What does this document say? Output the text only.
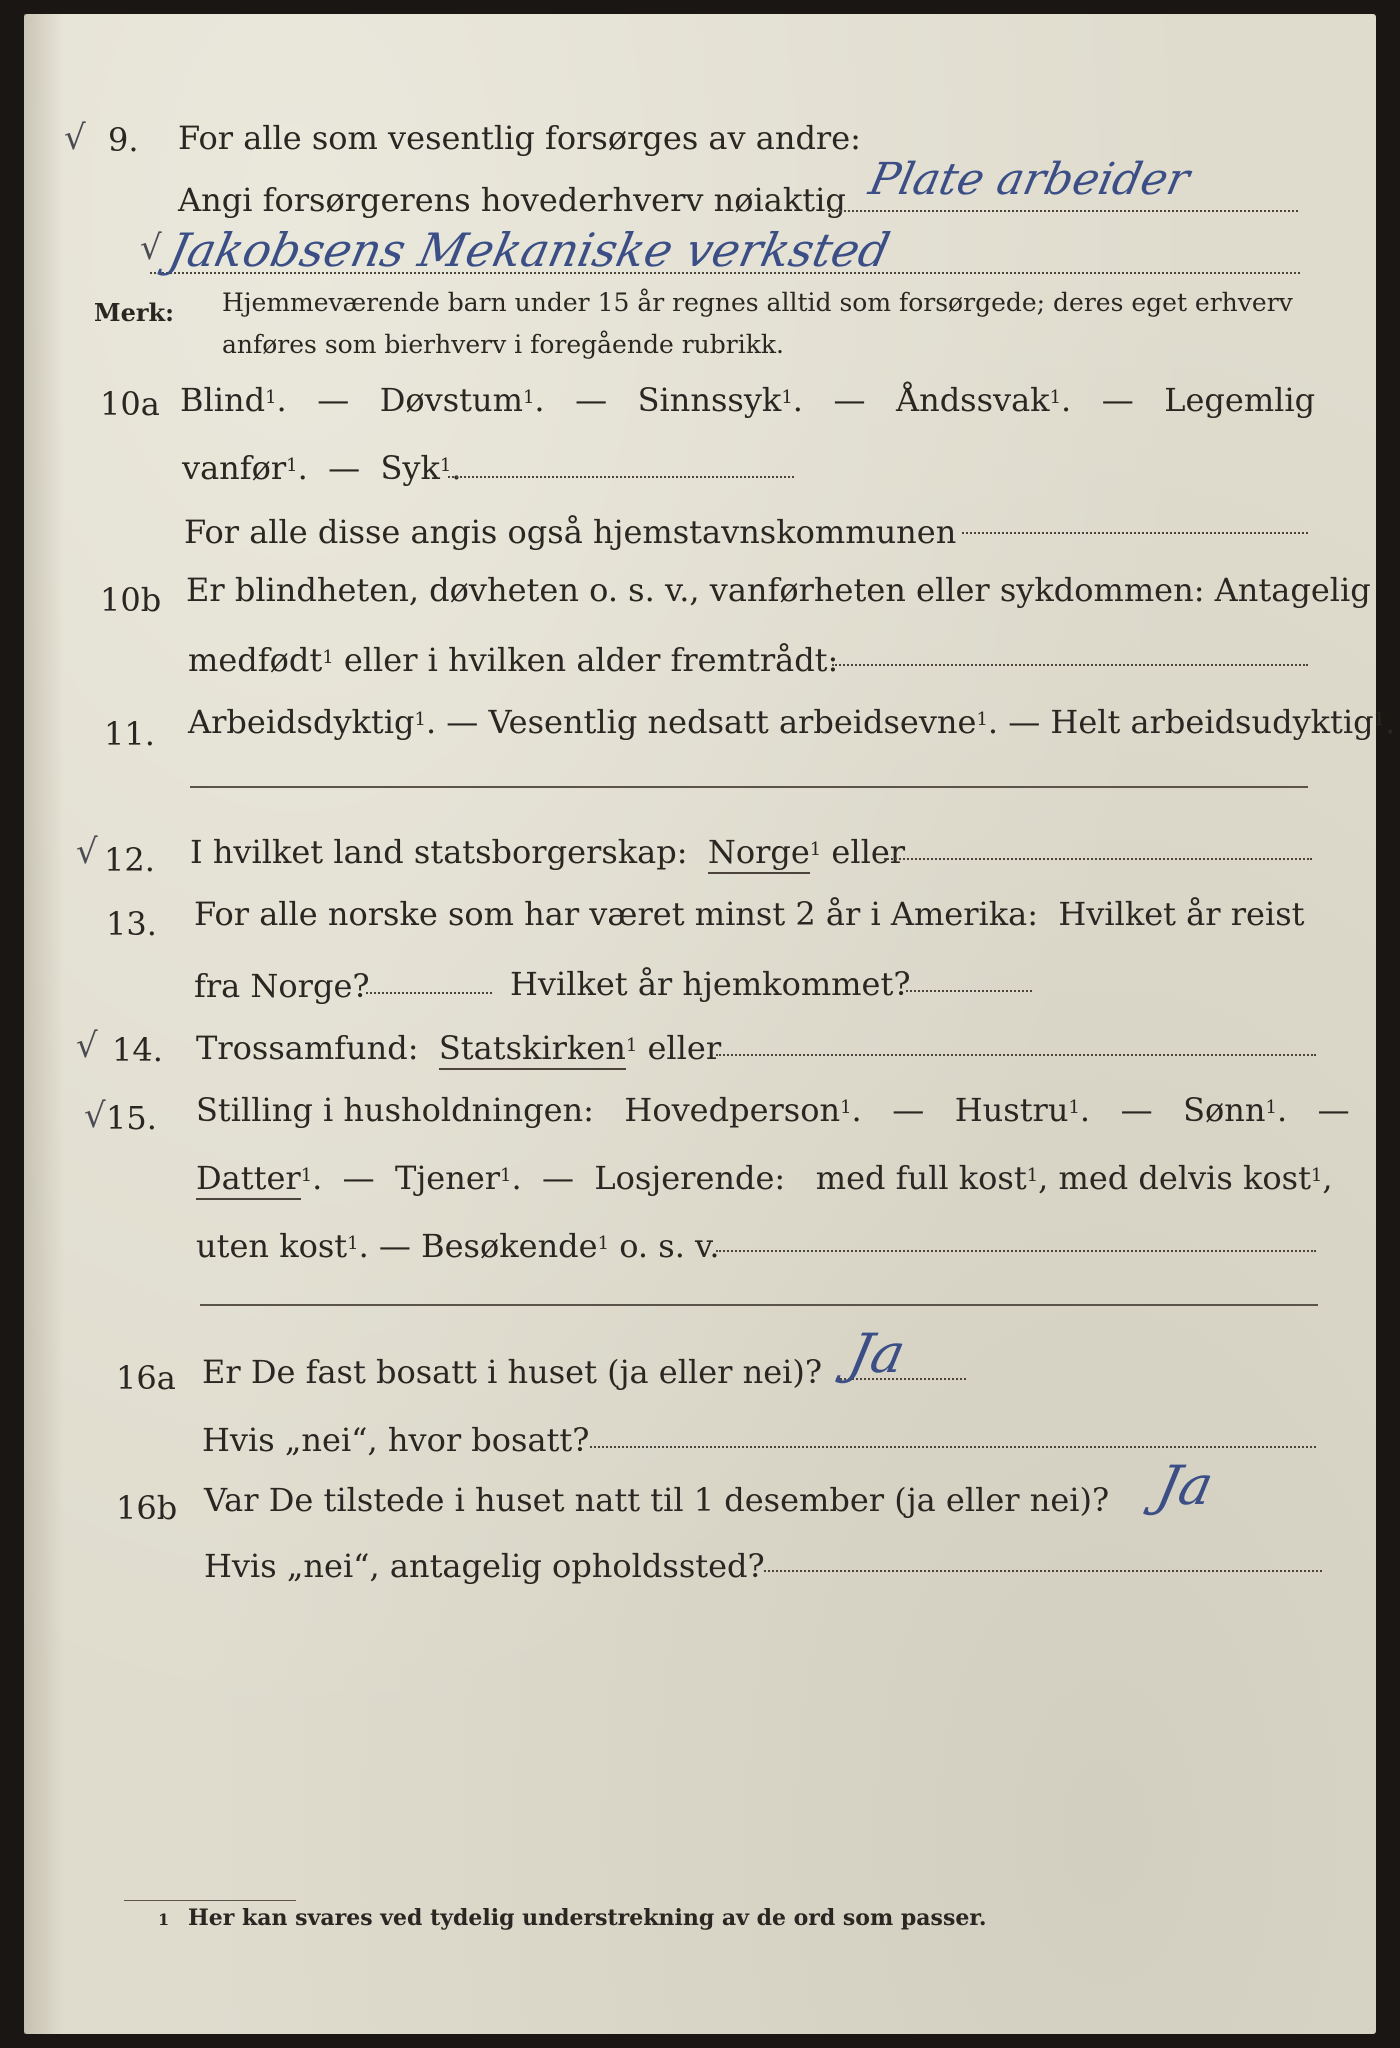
√
√
√
√
√
9. For alle som vesentlig forsørges av andre:
Angi forsørgerens hovederhverv nøiaktig Plate arbeider
Jakobsens Mekaniske verksted
Merk: Hjemmeværende barn under 15 år regnes alltid som forsørgede; deres eget erhverv
anføres som bierhverv i foregående rubrikk.
10a Blind$^1$. — Døvstum$^1$. — Sinnssyk$^1$. — Åndssvak$^1$. — Legemlig
vanfør$^1$. — Syk$^1$.
For alle disse angis også hjemstavnskommunen
10b Er blindheten, døvheten o. s. v., vanførheten eller sykdommen: Antagelig
medfødt$^1$ eller i hvilken alder fremtrådt:
11. Arbeidsdyktig$^1$. — Vesentlig nedsatt arbeidsevne$^1$. — Helt arbeidsudyktig$^1$.
12. I hvilket land statsborgerskap: Norge$^1$ eller
13. For alle norske som har været minst 2 år i Amerika: Hvilket år reist
fra Norge?	Hvilket år hjemkommet?
14. Trossamfund: Statskirken$^1$ eller
15. Stilling i husholdningen: Hovedperson$^1$. — Hustru$^1$. — Sønn$^1$. —
Datter$^1$. — Tjener$^1$. — Losjerende: med full kost$^1$, med delvis kost$^1$,
uten kost$^1$. — Besøkende$^1$ o. s. v.
16a Er De fast bosatt i huset (ja eller nei)? Ja
Hvis „nei“, hvor bosatt?
16b Var De tilstede i huset natt til 1 desember (ja eller nei)? Ja
Hvis „nei“, antagelig opholdssted?
1 Her kan svares ved tydelig understrekning av de ord som passer.
